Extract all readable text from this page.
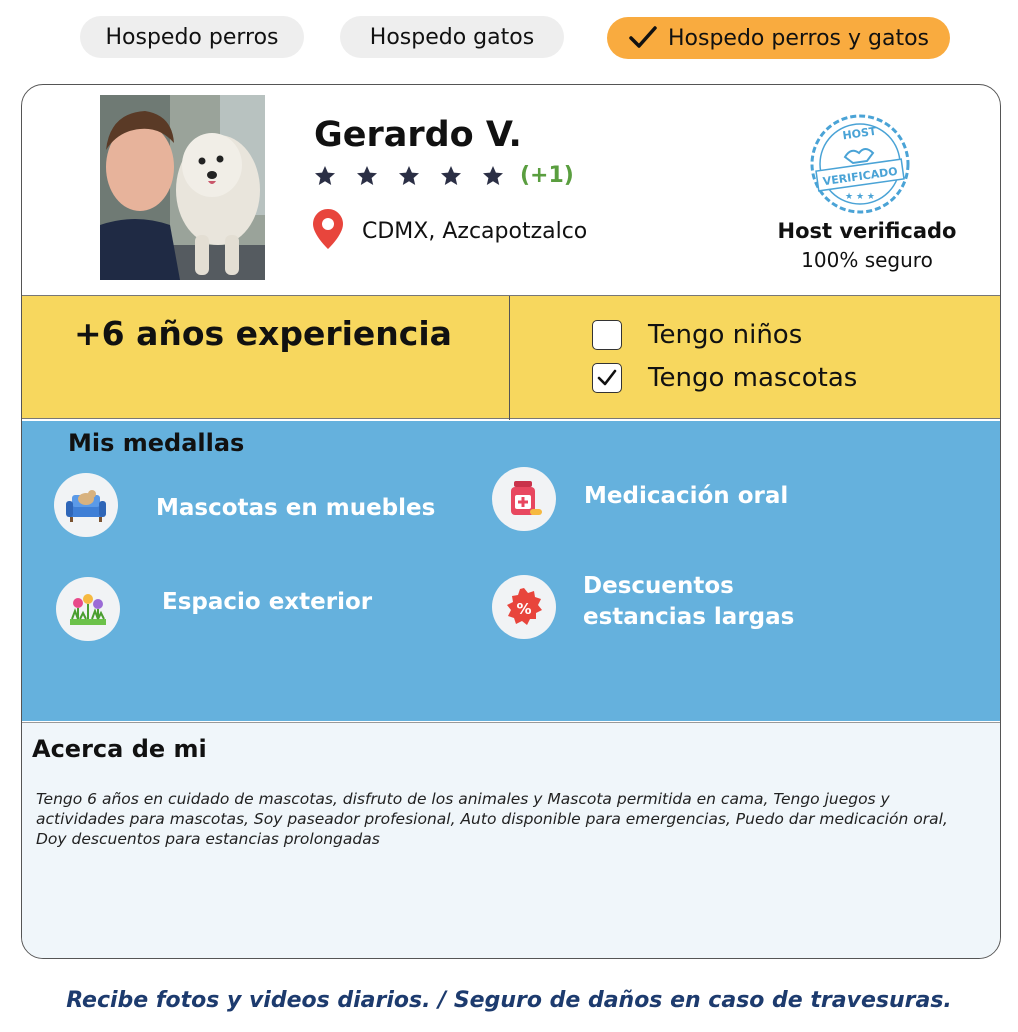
Hospedo perros	Hospedo gatos	Hospedo perros y gatos
Gerardo V.
(+1)
CDMX, Azcapotzalco
HOST
VERIFICADO
★ ★ ★
Host verificado
100% seguro
+6 años experiencia	Tengo niños
Tengo mascotas
Mis medallas
Mascotas en muebles	Medicación oral
Espacio exterior	%
Descuentos
estancias largas
Acerca de mi
Tengo 6 años en cuidado de mascotas, disfruto de los animales y Mascota permitida en cama, Tengo juegos y actividades para mascotas, Soy paseador profesional, Auto disponible para emergencias, Puedo dar medicación oral, Doy descuentos para estancias prolongadas
Recibe fotos y videos diarios. / Seguro de daños en caso de travesuras.
